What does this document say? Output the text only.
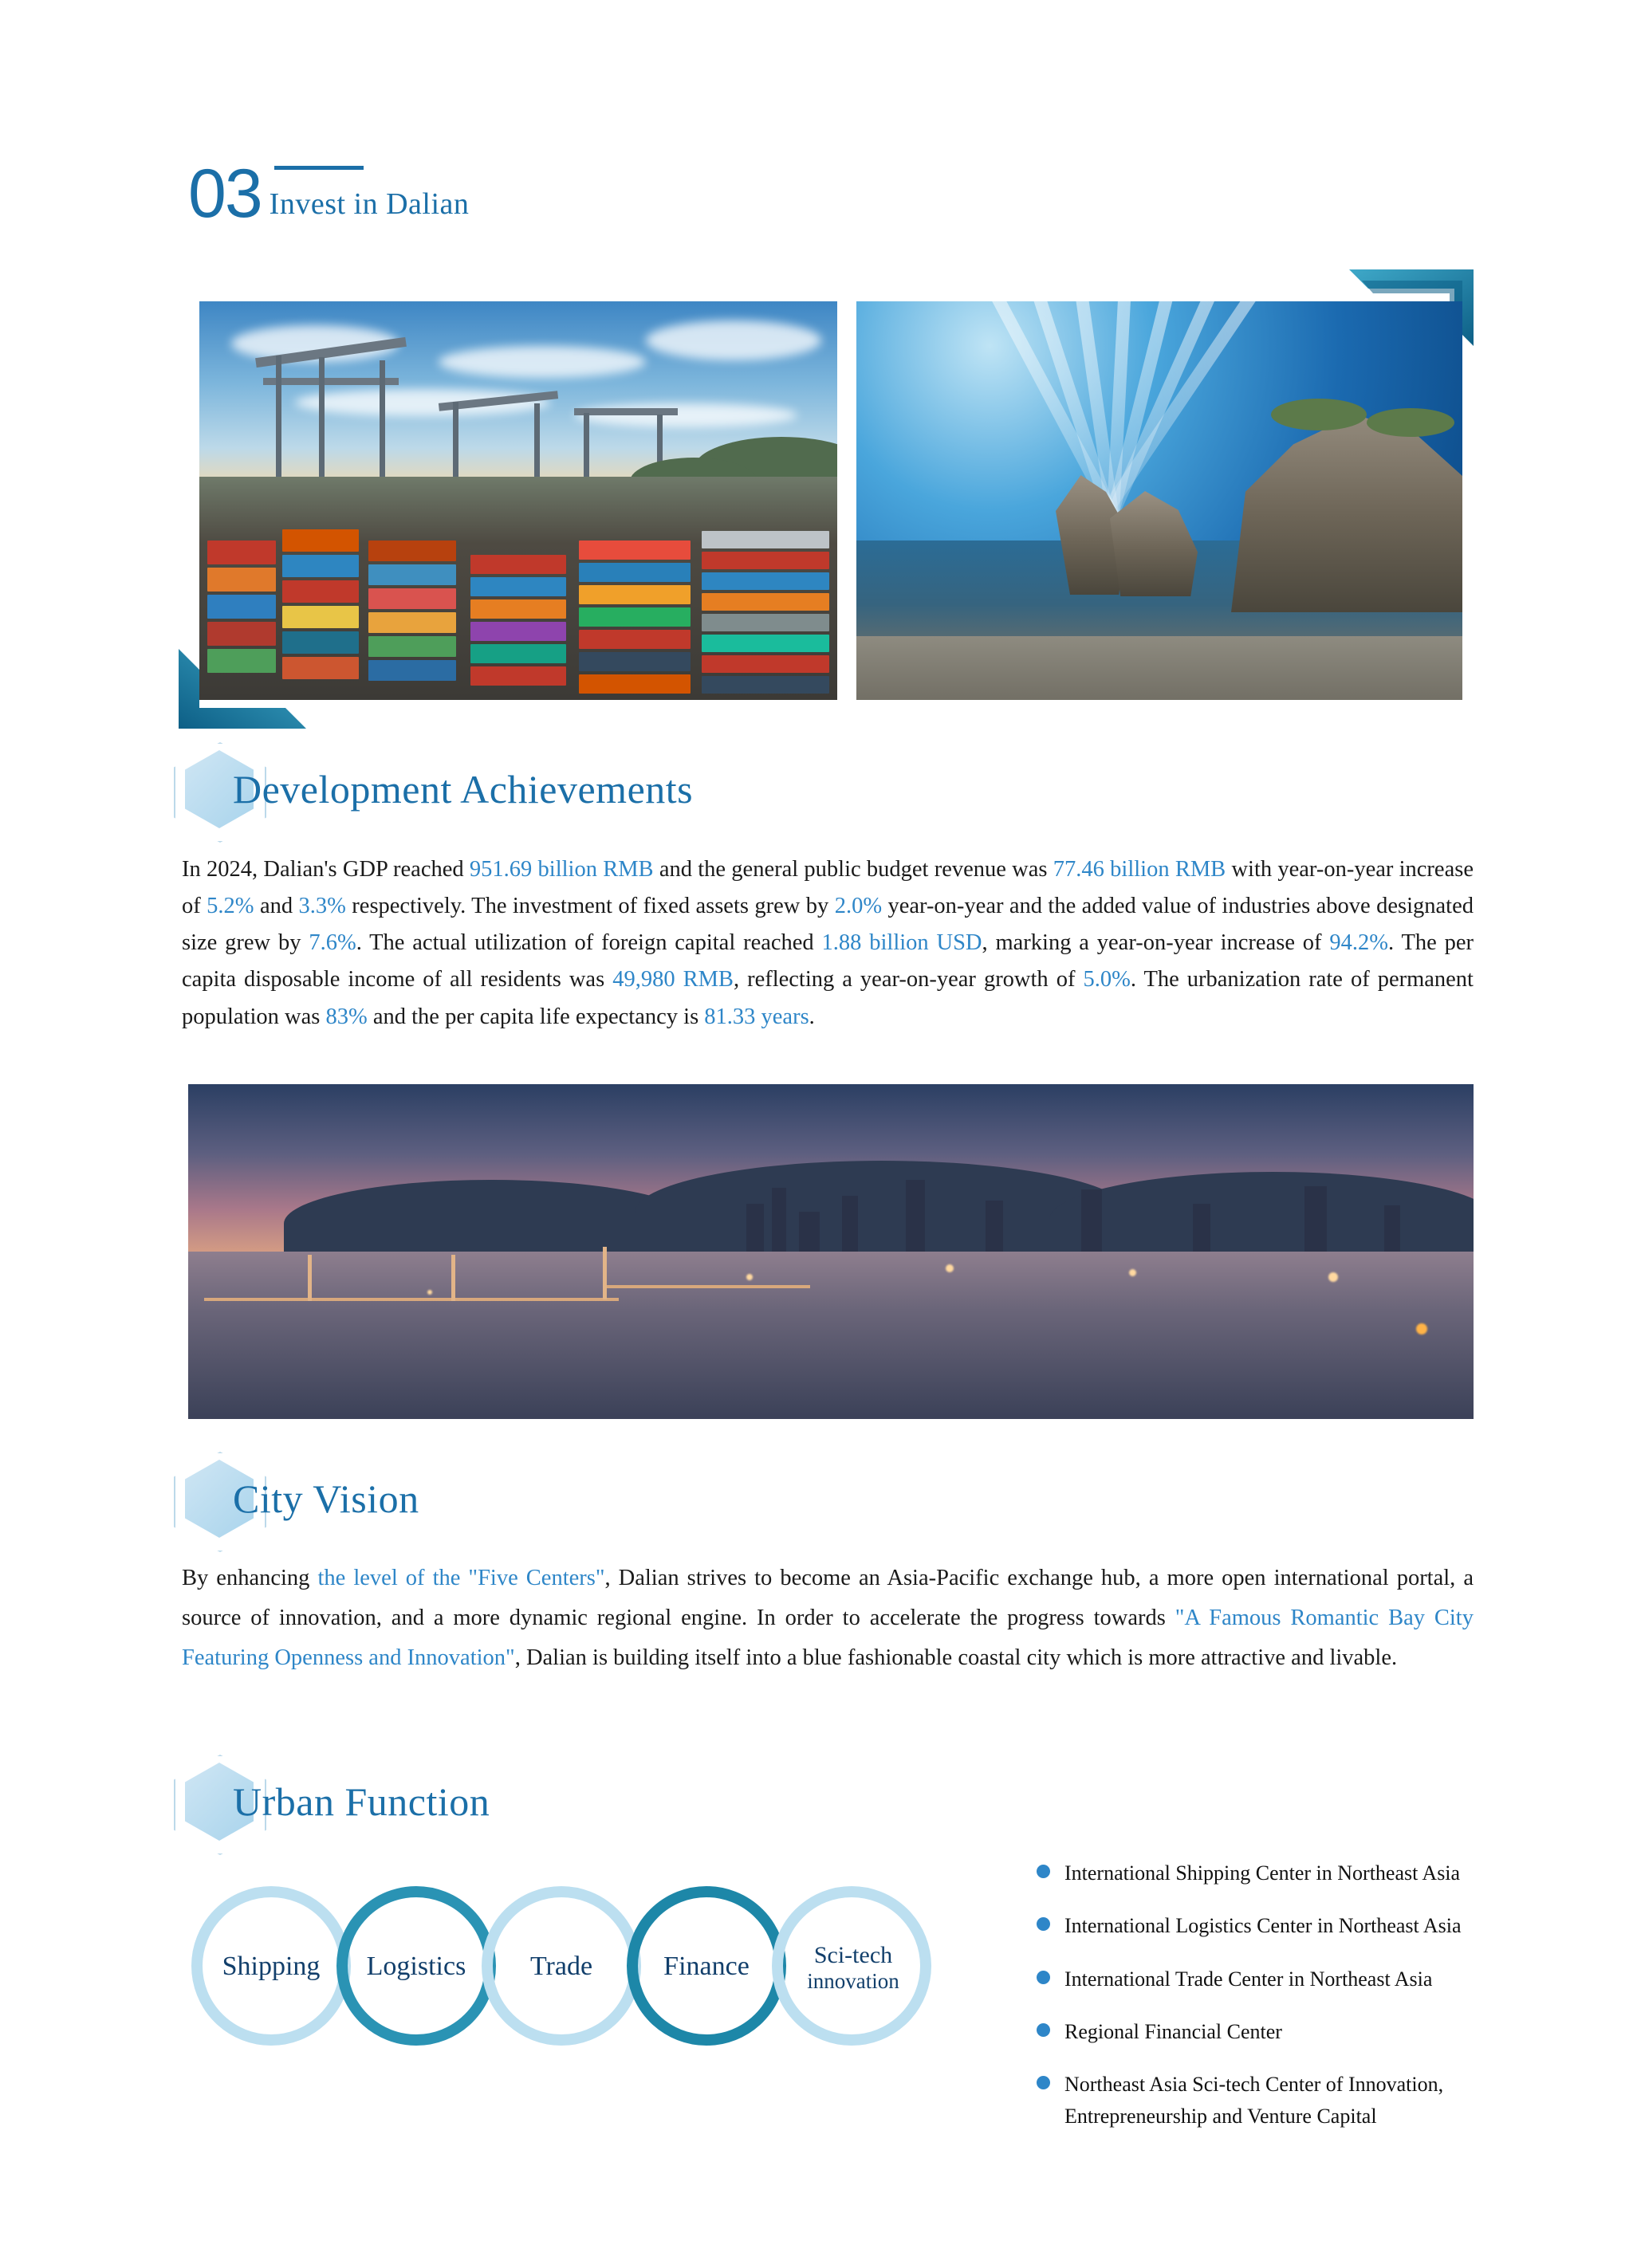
03 Invest in Dalian
Development Achievements
In 2024, Dalian's GDP reached 951.69 billion RMB and the general public budget revenue was 77.46 billion RMB with year-on-year increase of 5.2% and 3.3% respectively. The investment of fixed assets grew by 2.0% year-on-year and the added value of industries above designated size grew by 7.6%. The actual utilization of foreign capital reached 1.88 billion USD, marking a year-on-year increase of 94.2%. The per capita disposable income of all residents was 49,980 RMB, reflecting a year-on-year growth of 5.0%. The urbanization rate of permanent population was 83% and the per capita life expectancy is 81.33 years.
City Vision
By enhancing the level of the "Five Centers", Dalian strives to become an Asia-Pacific exchange hub, a more open international portal, a source of innovation, and a more dynamic regional engine. In order to accelerate the progress towards "A Famous Romantic Bay City Featuring Openness and Innovation", Dalian is building itself into a blue fashionable coastal city which is more attractive and livable.
Urban Function
Shipping	Logistics	Trade	Finance	Sci-tech
innovation
International Shipping Center in Northeast Asia
International Logistics Center in Northeast Asia
International Trade Center in Northeast Asia
Regional Financial Center
Northeast Asia Sci-tech Center of Innovation, Entrepreneurship and Venture Capital
